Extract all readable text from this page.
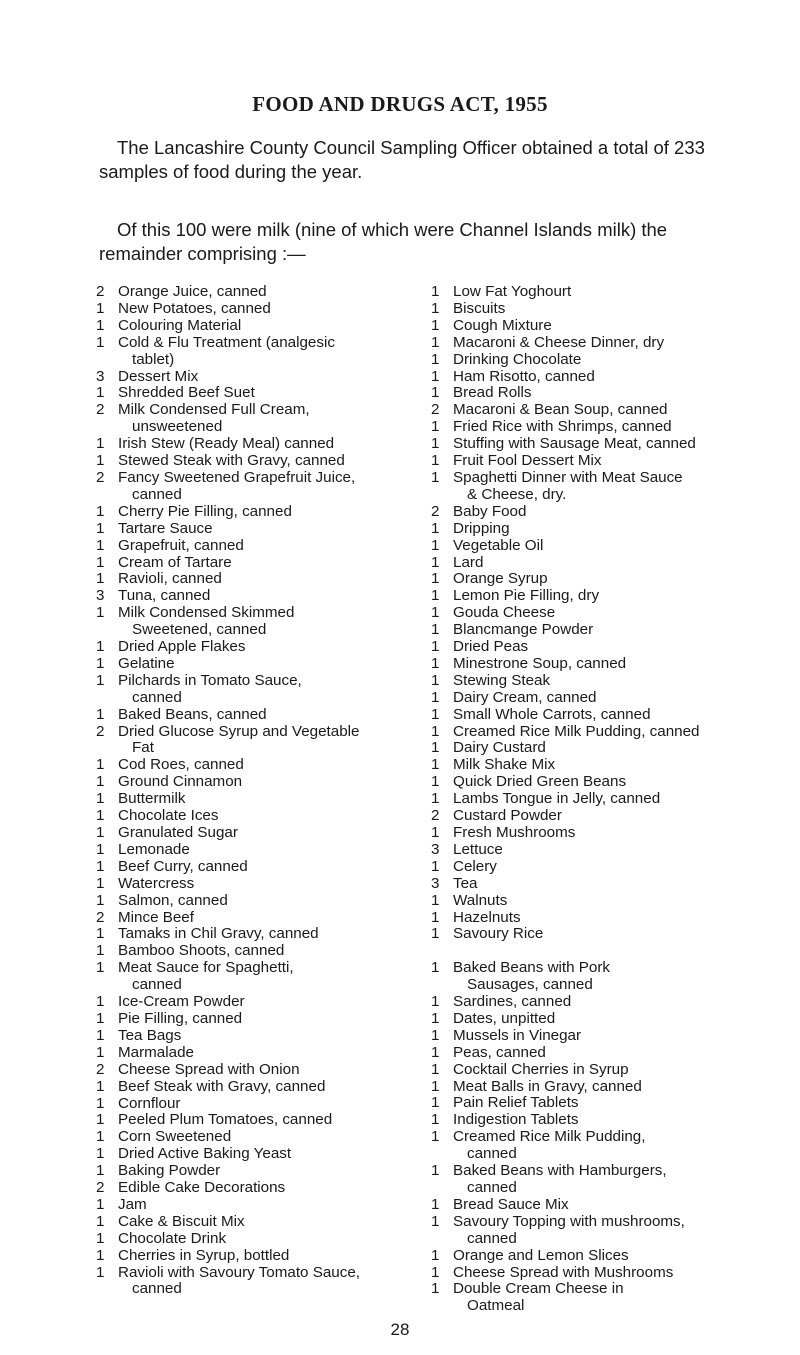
FOOD AND DRUGS ACT, 1955
The Lancashire County Council Sampling Officer obtained a total of 233 samples of food during the year.
Of this 100 were milk (nine of which were Channel Islands milk) the remainder comprising :—
2 Orange Juice, canned
1 New Potatoes, canned
1 Colouring Material
1 Cold & Flu Treatment (analgesic
tablet)
3 Dessert Mix
1 Shredded Beef Suet
2 Milk Condensed Full Cream,
unsweetened
1 Irish Stew (Ready Meal) canned
1 Stewed Steak with Gravy, canned
2 Fancy Sweetened Grapefruit Juice,
canned
1 Cherry Pie Filling, canned
1 Tartare Sauce
1 Grapefruit, canned
1 Cream of Tartare
1 Ravioli, canned
3 Tuna, canned
1 Milk Condensed Skimmed
Sweetened, canned
1 Dried Apple Flakes
1 Gelatine
1 Pilchards in Tomato Sauce,
canned
1 Baked Beans, canned
2 Dried Glucose Syrup and Vegetable
Fat
1 Cod Roes, canned
1 Ground Cinnamon
1 Buttermilk
1 Chocolate Ices
1 Granulated Sugar
1 Lemonade
1 Beef Curry, canned
1 Watercress
1 Salmon, canned
2 Mince Beef
1 Tamaks in Chil Gravy, canned
1 Bamboo Shoots, canned
1 Meat Sauce for Spaghetti,
canned
1 Ice-Cream Powder
1 Pie Filling, canned
1 Tea Bags
1 Marmalade
2 Cheese Spread with Onion
1 Beef Steak with Gravy, canned
1 Cornflour
1 Peeled Plum Tomatoes, canned
1 Corn Sweetened
1 Dried Active Baking Yeast
1 Baking Powder
2 Edible Cake Decorations
1 Jam
1 Cake & Biscuit Mix
1 Chocolate Drink
1 Cherries in Syrup, bottled
1 Ravioli with Savoury Tomato Sauce,
canned
1 Low Fat Yoghourt
1 Biscuits
1 Cough Mixture
1 Macaroni & Cheese Dinner, dry
1 Drinking Chocolate
1 Ham Risotto, canned
1 Bread Rolls
2 Macaroni & Bean Soup, canned
1 Fried Rice with Shrimps, canned
1 Stuffing with Sausage Meat, canned
1 Fruit Fool Dessert Mix
1 Spaghetti Dinner with Meat Sauce
& Cheese, dry.
2 Baby Food
1 Dripping
1 Vegetable Oil
1 Lard
1 Orange Syrup
1 Lemon Pie Filling, dry
1 Gouda Cheese
1 Blancmange Powder
1 Dried Peas
1 Minestrone Soup, canned
1 Stewing Steak
1 Dairy Cream, canned
1 Small Whole Carrots, canned
1 Creamed Rice Milk Pudding, canned
1 Dairy Custard
1 Milk Shake Mix
1 Quick Dried Green Beans
1 Lambs Tongue in Jelly, canned
2 Custard Powder
1 Fresh Mushrooms
3 Lettuce
1 Celery
3 Tea
1 Walnuts
1 Hazelnuts
1 Savoury Rice
1 Baked Beans with Pork
Sausages, canned
1 Sardines, canned
1 Dates, unpitted
1 Mussels in Vinegar
1 Peas, canned
1 Cocktail Cherries in Syrup
1 Meat Balls in Gravy, canned
1 Pain Relief Tablets
1 Indigestion Tablets
1 Creamed Rice Milk Pudding,
canned
1 Baked Beans with Hamburgers,
canned
1 Bread Sauce Mix
1 Savoury Topping with mushrooms,
canned
1 Orange and Lemon Slices
1 Cheese Spread with Mushrooms
1 Double Cream Cheese in
Oatmeal
28
